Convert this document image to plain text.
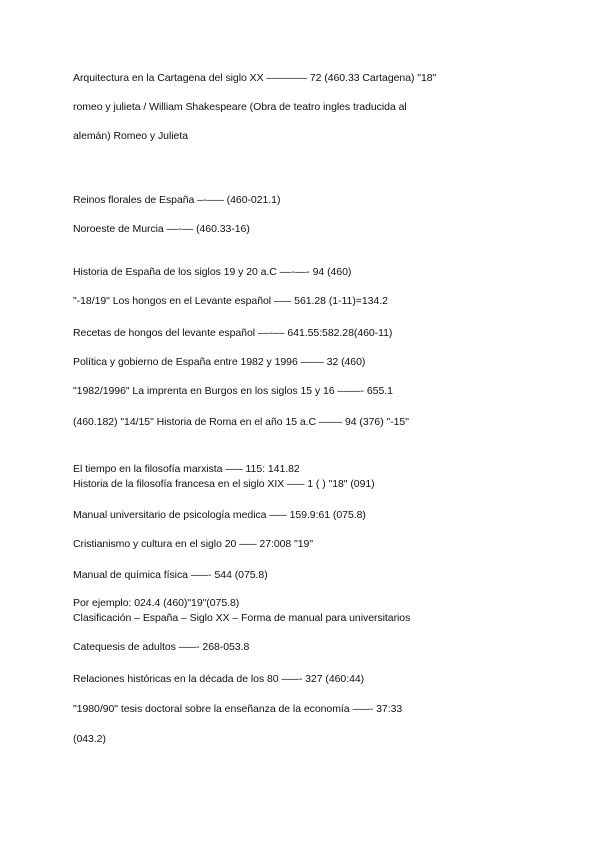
Arquitectura en la Cartagena del siglo XX ––––––– 72 (460.33 Cartagena) "18"
romeo y julieta / William Shakespeare (Obra de teatro ingles traducida al
alemán) Romeo y Julieta
Reinos florales de España –-––– (460-021.1)
Noroeste de Murcia ––-–– (460.33-16)
Historia de España de los siglos 19 y 20 a.C ––-––- 94 (460)
"-18/19" Los hongos en el Levante español ––– 561.28 (1-11)=134.2
Recetas de hongos del levante español ––-–– 641.55:582.28(460-11)
Política y gobierno de España entre 1982 y 1996 –––– 32 (460)
"1982/1996" La imprenta en Burgos en los siglos 15 y 16 ––––- 655.1
(460.182) "14/15" Historia de Roma en el año 15 a.C –––– 94 (376) "-15"
El tiempo en la filosofía marxista ––– 115: 141.82
Historia de la filosofía francesa en el siglo XIX ––– 1 ( ) "18" (091)
Manual universitario de psicología medica ––– 159.9:61 (075.8)
Cristianismo y cultura en el siglo 20 ––– 27:008 "19"
Manual de química física –––- 544 (075.8)
Por ejemplo: 024.4 (460)"19"(075.8)
Clasificación – España – Siglo XX – Forma de manual para universitarios
Catequesis de adultos –––- 268-053.8
Relaciones históricas en la década de los 80 –––- 327 (460:44)
"1980/90" tesis doctoral sobre la enseñanza de la economía –––- 37:33
(043.2)
